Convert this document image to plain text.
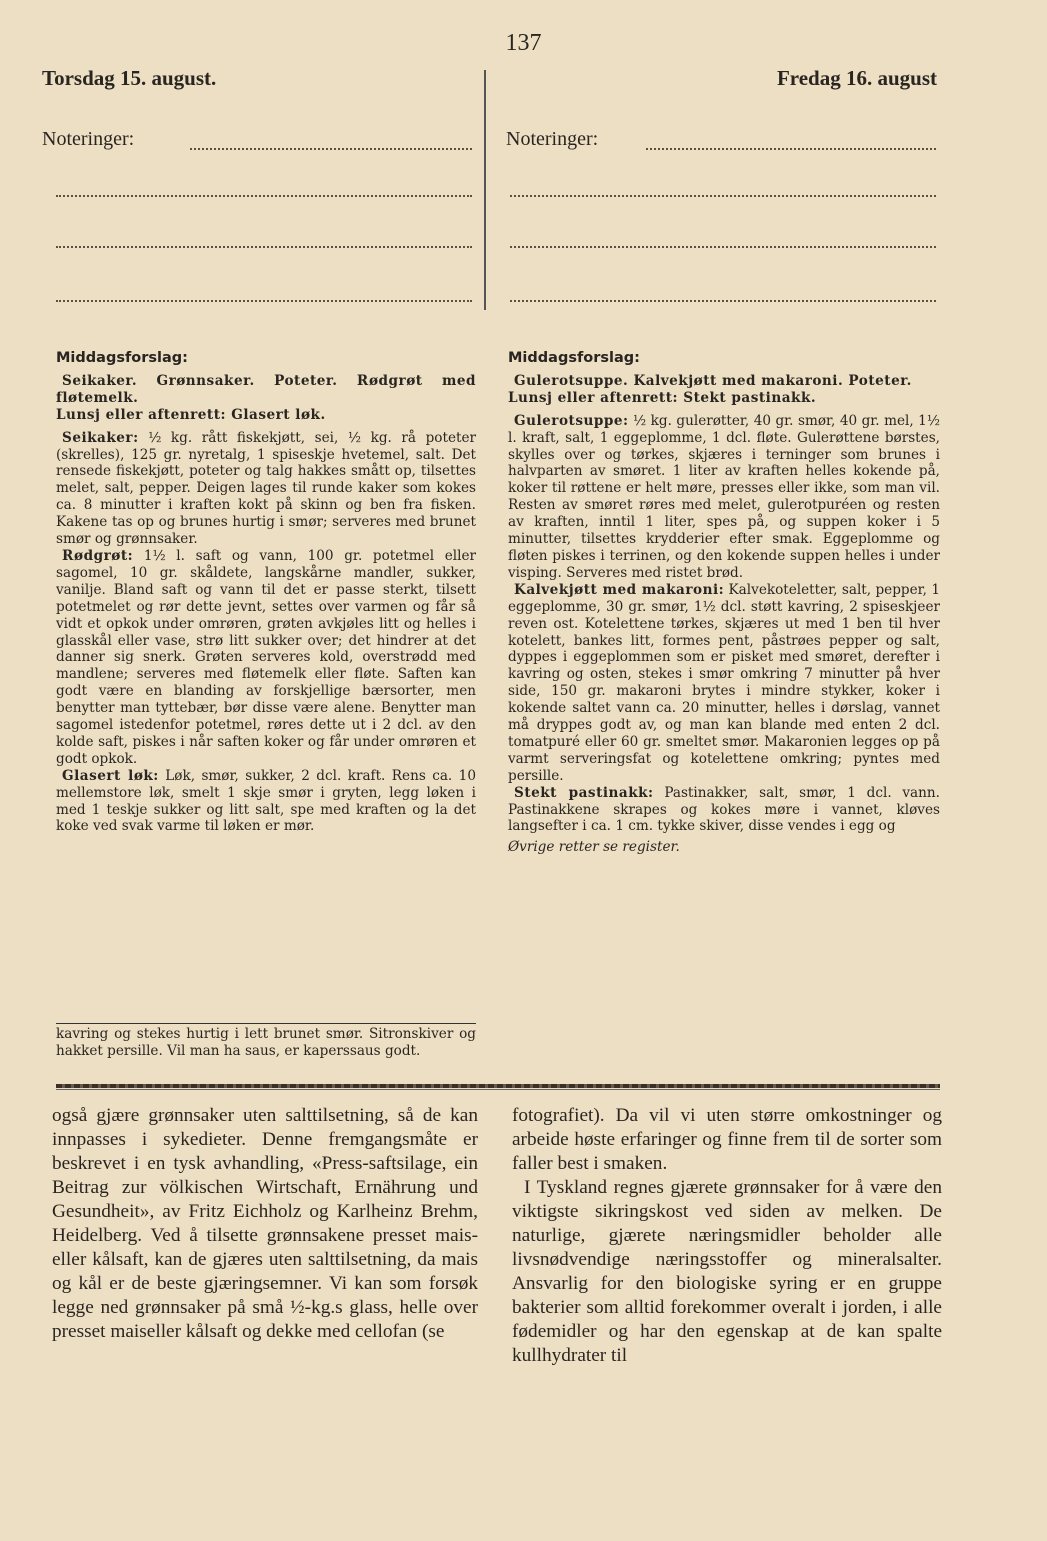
137
Torsdag 15. august.	Fredag 16. august
Noteringer:	Noteringer:
Middagsforslag:

Seikaker. Grønnsaker. Poteter. Rødgrøt med fløtemelk.

Lunsj eller aftenrett: Glasert løk.

Seikaker: ½ kg. rått fiskekjøtt, sei, ½ kg. rå poteter (skrelles), 125 gr. nyretalg, 1 spiseskje hvetemel, salt. Det rensede fiskekjøtt, poteter og talg hakkes smått op, tilsettes melet, salt, pepper. Deigen lages til runde kaker som kokes ca. 8 minutter i kraften kokt på skinn og ben fra fisken. Kakene tas op og brunes hurtig i smør; serveres med brunet smør og grønnsaker.

Rødgrøt: 1½ l. saft og vann, 100 gr. potetmel eller sagomel, 10 gr. skåldete, langskårne mandler, sukker, vanilje. Bland saft og vann til det er passe sterkt, tilsett potetmelet og rør dette jevnt, settes over varmen og får så vidt et opkok under omrøren, grøten avkjøles litt og helles i glasskål eller vase, strø litt sukker over; det hindrer at det danner sig snerk. Grøten serveres kold, overstrødd med mandlene; serveres med fløtemelk eller fløte. Saften kan godt være en blanding av forskjellige bærsorter, men benytter man tyttebær, bør disse være alene. Benytter man sagomel istedenfor potetmel, røres dette ut i 2 dcl. av den kolde saft, piskes i når saften koker og får under omrøren et godt opkok.

Glasert løk: Løk, smør, sukker, 2 dcl. kraft. Rens ca. 10 mellemstore løk, smelt 1 skje smør i gryten, legg løken i med 1 teskje sukker og litt salt, spe med kraften og la det koke ved svak varme til løken er mør.

kavring og stekes hurtig i lett brunet smør. Sitronskiver og hakket persille. Vil man ha saus, er kaperssaus godt.
Middagsforslag:

Gulerotsuppe. Kalvekjøtt med makaroni. Poteter.

Lunsj eller aftenrett: Stekt pastinakk.

Gulerotsuppe: ½ kg. gulerøtter, 40 gr. smør, 40 gr. mel, 1½ l. kraft, salt, 1 eggeplomme, 1 dcl. fløte. Gulerøttene børstes, skylles over og tørkes, skjæres i terninger som brunes i halvparten av smøret. 1 liter av kraften helles kokende på, koker til røttene er helt møre, presses eller ikke, som man vil. Resten av smøret røres med melet, gulerotpuréen og resten av kraften, inntil 1 liter, spes på, og suppen koker i 5 minutter, tilsettes krydderier efter smak. Eggeplomme og fløten piskes i terrinen, og den kokende suppen helles i under visping. Serveres med ristet brød.

Kalvekjøtt med makaroni: Kalvekoteletter, salt, pepper, 1 eggeplomme, 30 gr. smør, 1½ dcl. støtt kavring, 2 spiseskjeer reven ost. Kotelettene tørkes, skjæres ut med 1 ben til hver kotelett, bankes litt, formes pent, påstrøes pepper og salt, dyppes i eggeplommen som er pisket med smøret, derefter i kavring og osten, stekes i smør omkring 7 minutter på hver side, 150 gr. makaroni brytes i mindre stykker, koker i kokende saltet vann ca. 20 minutter, helles i dørslag, vannet må dryppes godt av, og man kan blande med enten 2 dcl. tomatpuré eller 60 gr. smeltet smør. Makaronien legges op på varmt serveringsfat og kotelettene omkring; pyntes med persille.

Stekt pastinakk: Pastinakker, salt, smør, 1 dcl. vann. Pastinakkene skrapes og kokes møre i vannet, kløves langsefter i ca. 1 cm. tykke skiver, disse vendes i egg og

Øvrige retter se register.

også gjære grønnsaker uten salttilsetning, så de kan innpasses i sykedieter. Denne fremgangsmåte er beskrevet i en tysk avhandling, «Press-saftsilage, ein Beitrag zur völkischen Wirtschaft, Ernährung und Gesundheit», av Fritz Eichholz og Karlheinz Brehm, Heidelberg. Ved å tilsette grønnsakene presset mais- eller kålsaft, kan de gjæres uten salttilsetning, da mais og kål er de beste gjæringsemner. Vi kan som forsøk legge ned grønnsaker på små ½-kg.s glass, helle over presset maiseller kålsaft og dekke med cellofan (se

fotografiet). Da vil vi uten større omkostninger og arbeide høste erfaringer og finne frem til de sorter som faller best i smaken.

I Tyskland regnes gjærete grønnsaker for å være den viktigste sikringskost ved siden av melken. De naturlige, gjærete næringsmidler beholder alle livsnødvendige næringsstoffer og mineralsalter. Ansvarlig for den biologiske syring er en gruppe bakterier som alltid forekommer overalt i jorden, i alle fødemidler og har den egenskap at de kan spalte kullhydrater til
